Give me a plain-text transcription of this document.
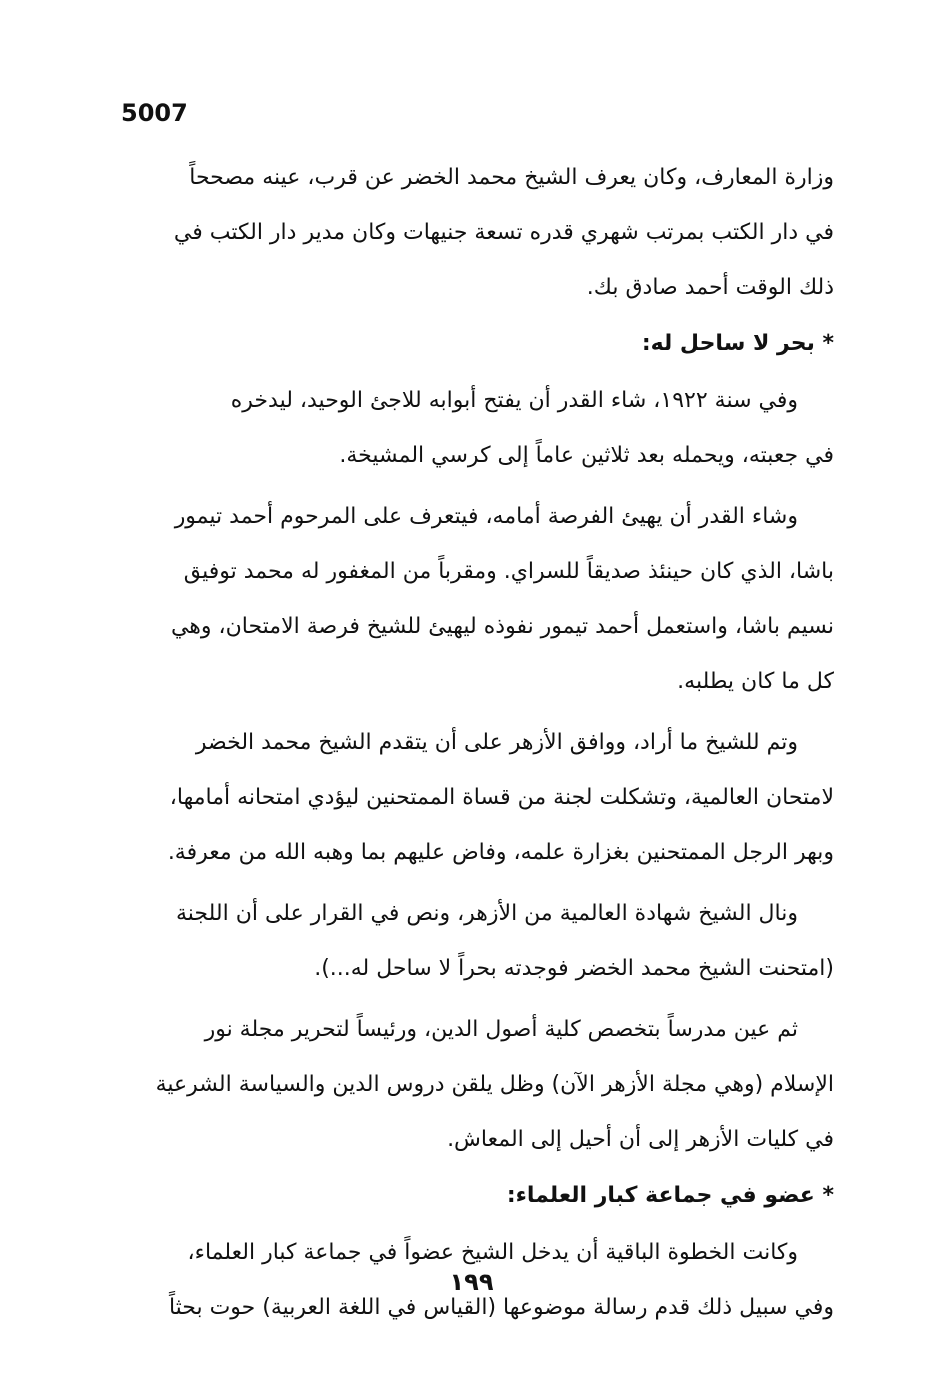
5007
وزارة المعارف، وكان يعرف الشيخ محمد الخضر عن قرب، عينه مصححاً
في دار الكتب بمرتب شهري قدره تسعة جنيهات وكان مدير دار الكتب في
ذلك الوقت أحمد صادق بك.
* بحر لا ساحل له:
وفي سنة ١٩٢٢، شاء القدر أن يفتح أبوابه للاجئ الوحيد، ليدخره
في جعبته، ويحمله بعد ثلاثين عاماً إلى كرسي المشيخة.
وشاء القدر أن يهيئ الفرصة أمامه، فيتعرف على المرحوم أحمد تيمور
باشا، الذي كان حينئذ صديقاً للسراي. ومقرباً من المغفور له محمد توفيق
نسيم باشا، واستعمل أحمد تيمور نفوذه ليهيئ للشيخ فرصة الامتحان، وهي
كل ما كان يطلبه.
وتم للشيخ ما أراد، ووافق الأزهر على أن يتقدم الشيخ محمد الخضر
لامتحان العالمية، وتشكلت لجنة من قساة الممتحنين ليؤدي امتحانه أمامها،
وبهر الرجل الممتحنين بغزارة علمه، وفاض عليهم بما وهبه الله من معرفة.
ونال الشيخ شهادة العالمية من الأزهر، ونص في القرار على أن اللجنة
(امتحنت الشيخ محمد الخضر فوجدته بحراً لا ساحل له...).
ثم عين مدرساً بتخصص كلية أصول الدين، ورئيساً لتحرير مجلة نور
الإسلام (وهي مجلة الأزهر الآن) وظل يلقن دروس الدين والسياسة الشرعية
في كليات الأزهر إلى أن أحيل إلى المعاش.
* عضو في جماعة كبار العلماء:
وكانت الخطوة الباقية أن يدخل الشيخ عضواً في جماعة كبار العلماء،
وفي سبيل ذلك قدم رسالة موضوعها (القياس في اللغة العربية) حوت بحثاً
١٩٩
